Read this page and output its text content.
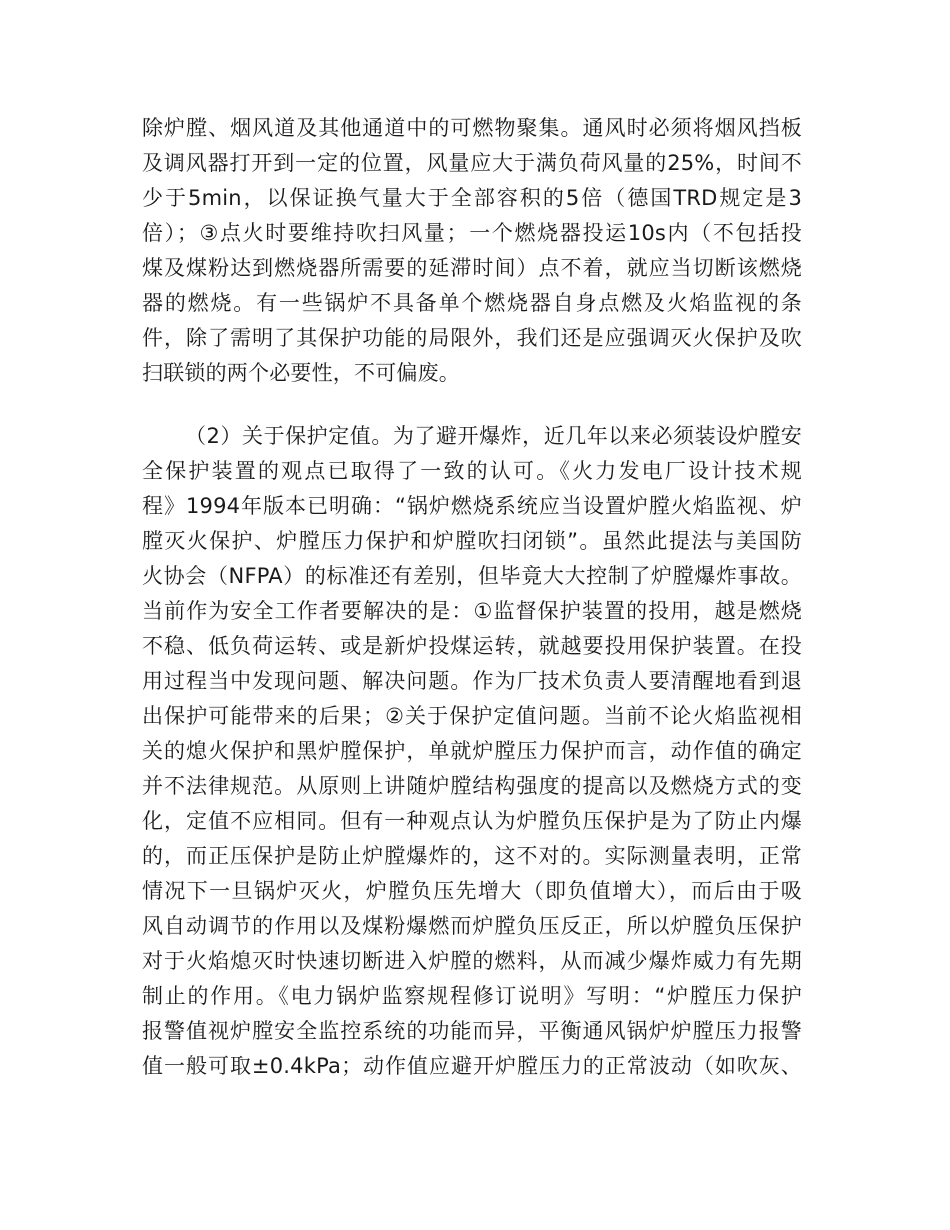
除炉膛、烟风道及其他通道中的可燃物聚集。通风时必须将烟风挡板

及调风器打开到一定的位置，风量应大于满负荷风量的25%，时间不

少于5min，以保证换气量大于全部容积的5倍（德国TRD规定是3

倍）；③点火时要维持吹扫风量；一个燃烧器投运10s内（不包括投

煤及煤粉达到燃烧器所需要的延滞时间）点不着，就应当切断该燃烧

器的燃烧。有一些锅炉不具备单个燃烧器自身点燃及火焰监视的条

件，除了需明了其保护功能的局限外，我们还是应强调灭火保护及吹

扫联锁的两个必要性，不可偏废。

（2）关于保护定值。为了避开爆炸，近几年以来必须装设炉膛安

全保护装置的观点已取得了一致的认可。《火力发电厂设计技术规

程》1994年版本已明确：“锅炉燃烧系统应当设置炉膛火焰监视、炉

膛灭火保护、炉膛压力保护和炉膛吹扫闭锁”。虽然此提法与美国防

火协会（NFPA）的标准还有差别，但毕竟大大控制了炉膛爆炸事故。

当前作为安全工作者要解决的是：①监督保护装置的投用，越是燃烧

不稳、低负荷运转、或是新炉投煤运转，就越要投用保护装置。在投

用过程当中发现问题、解决问题。作为厂技术负责人要清醒地看到退

出保护可能带来的后果；②关于保护定值问题。当前不论火焰监视相

关的熄火保护和黑炉膛保护，单就炉膛压力保护而言，动作值的确定

并不法律规范。从原则上讲随炉膛结构强度的提高以及燃烧方式的变

化，定值不应相同。但有一种观点认为炉膛负压保护是为了防止内爆

的，而正压保护是防止炉膛爆炸的，这不对的。实际测量表明，正常

情况下一旦锅炉灭火，炉膛负压先增大（即负值增大），而后由于吸

风自动调节的作用以及煤粉爆燃而炉膛负压反正，所以炉膛负压保护

对于火焰熄灭时快速切断进入炉膛的燃料，从而减少爆炸威力有先期

制止的作用。《电力锅炉监察规程修订说明》写明：“炉膛压力保护

报警值视炉膛安全监控系统的功能而异，平衡通风锅炉炉膛压力报警

值一般可取±0.4kPa；动作值应避开炉膛压力的正常波动（如吹灰、
